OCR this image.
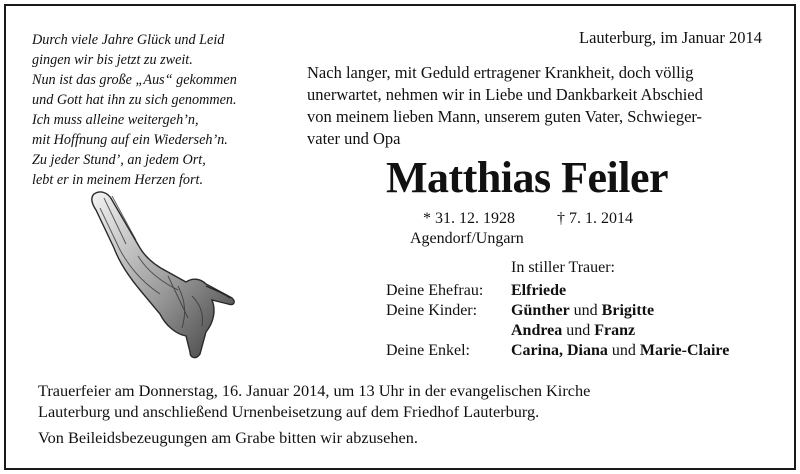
Durch viele Jahre Glück und Leid
gingen wir bis jetzt zu zweit.
Nun ist das große „Aus“ gekommen
und Gott hat ihn zu sich genommen.
Ich muss alleine weitergeh’n,
mit Hoffnung auf ein Wiederseh’n.
Zu jeder Stund’, an jedem Ort,
lebt er in meinem Herzen fort.
Lauterburg, im Januar 2014
Nach langer, mit Geduld ertragener Krankheit, doch völlig
unerwartet, nehmen wir in Liebe und Dankbarkeit Abschied
von meinem lieben Mann, unserem guten Vater, Schwieger-
vater und Opa
Matthias Feiler
* 31. 12. 1928	† 7. 1. 2014
Agendorf/Ungarn
In stiller Trauer:
Deine Ehefrau: Elfriede
Deine Kinder: Günther und Brigitte
Andrea und Franz
Deine Enkel:	Carina, Diana und Marie-Claire
Trauerfeier am Donnerstag, 16. Januar 2014, um 13 Uhr in der evangelischen Kirche
Lauterburg und anschließend Urnenbeisetzung auf dem Friedhof Lauterburg.
Von Beileidsbezeugungen am Grabe bitten wir abzusehen.
